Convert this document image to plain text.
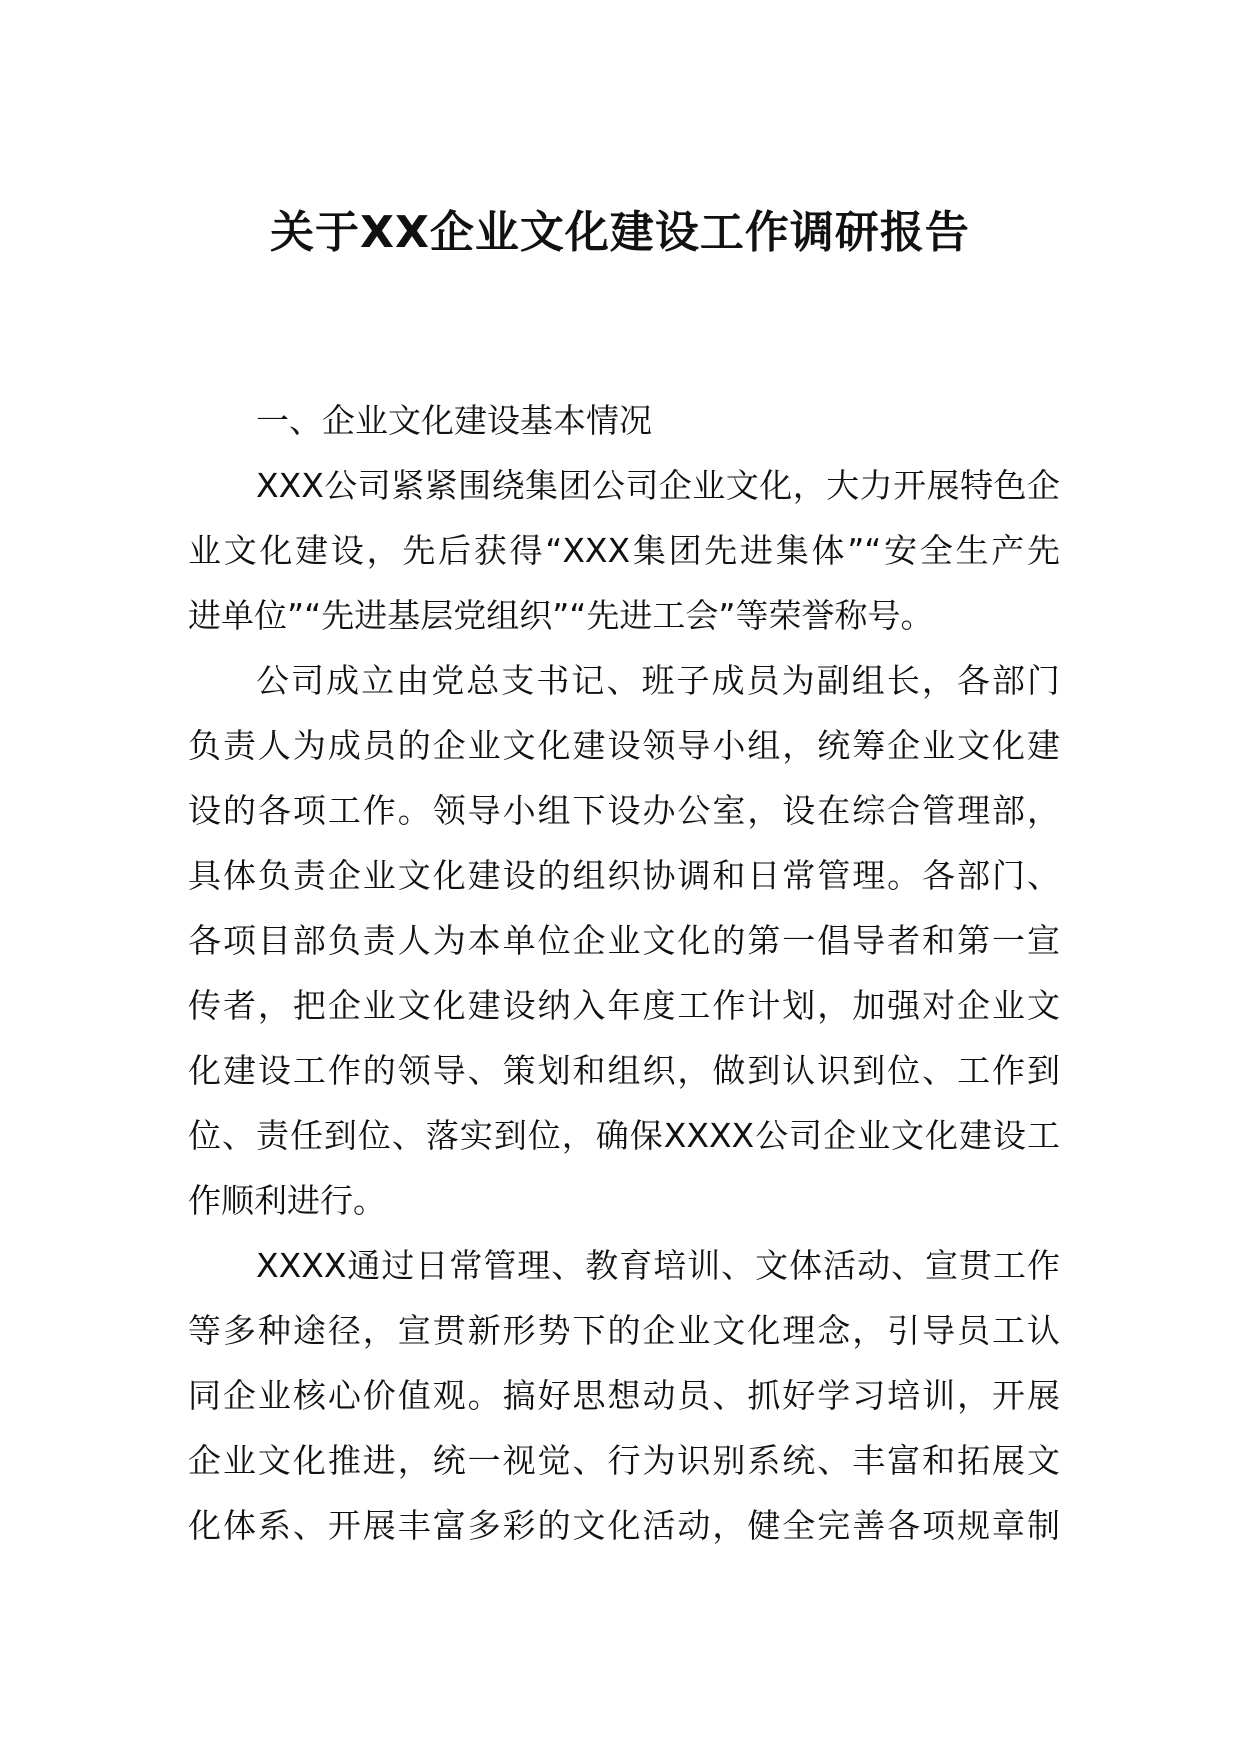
关于XX企业文化建设工作调研报告
一、企业文化建设基本情况
XXX公司紧紧围绕集团公司企业文化，大力开展特色企
业文化建设，先后获得“XXX集团先进集体”“安全生产先
进单位”“先进基层党组织”“先进工会”等荣誉称号。
公司成立由党总支书记、班子成员为副组长，各部门
负责人为成员的企业文化建设领导小组，统筹企业文化建
设的各项工作。领导小组下设办公室，设在综合管理部，
具体负责企业文化建设的组织协调和日常管理。各部门、
各项目部负责人为本单位企业文化的第一倡导者和第一宣
传者，把企业文化建设纳入年度工作计划，加强对企业文
化建设工作的领导、策划和组织，做到认识到位、工作到
位、责任到位、落实到位，确保XXXX公司企业文化建设工
作顺利进行。
XXXX通过日常管理、教育培训、文体活动、宣贯工作
等多种途径，宣贯新形势下的企业文化理念，引导员工认
同企业核心价值观。搞好思想动员、抓好学习培训，开展
企业文化推进，统一视觉、行为识别系统、丰富和拓展文
化体系、开展丰富多彩的文化活动，健全完善各项规章制
